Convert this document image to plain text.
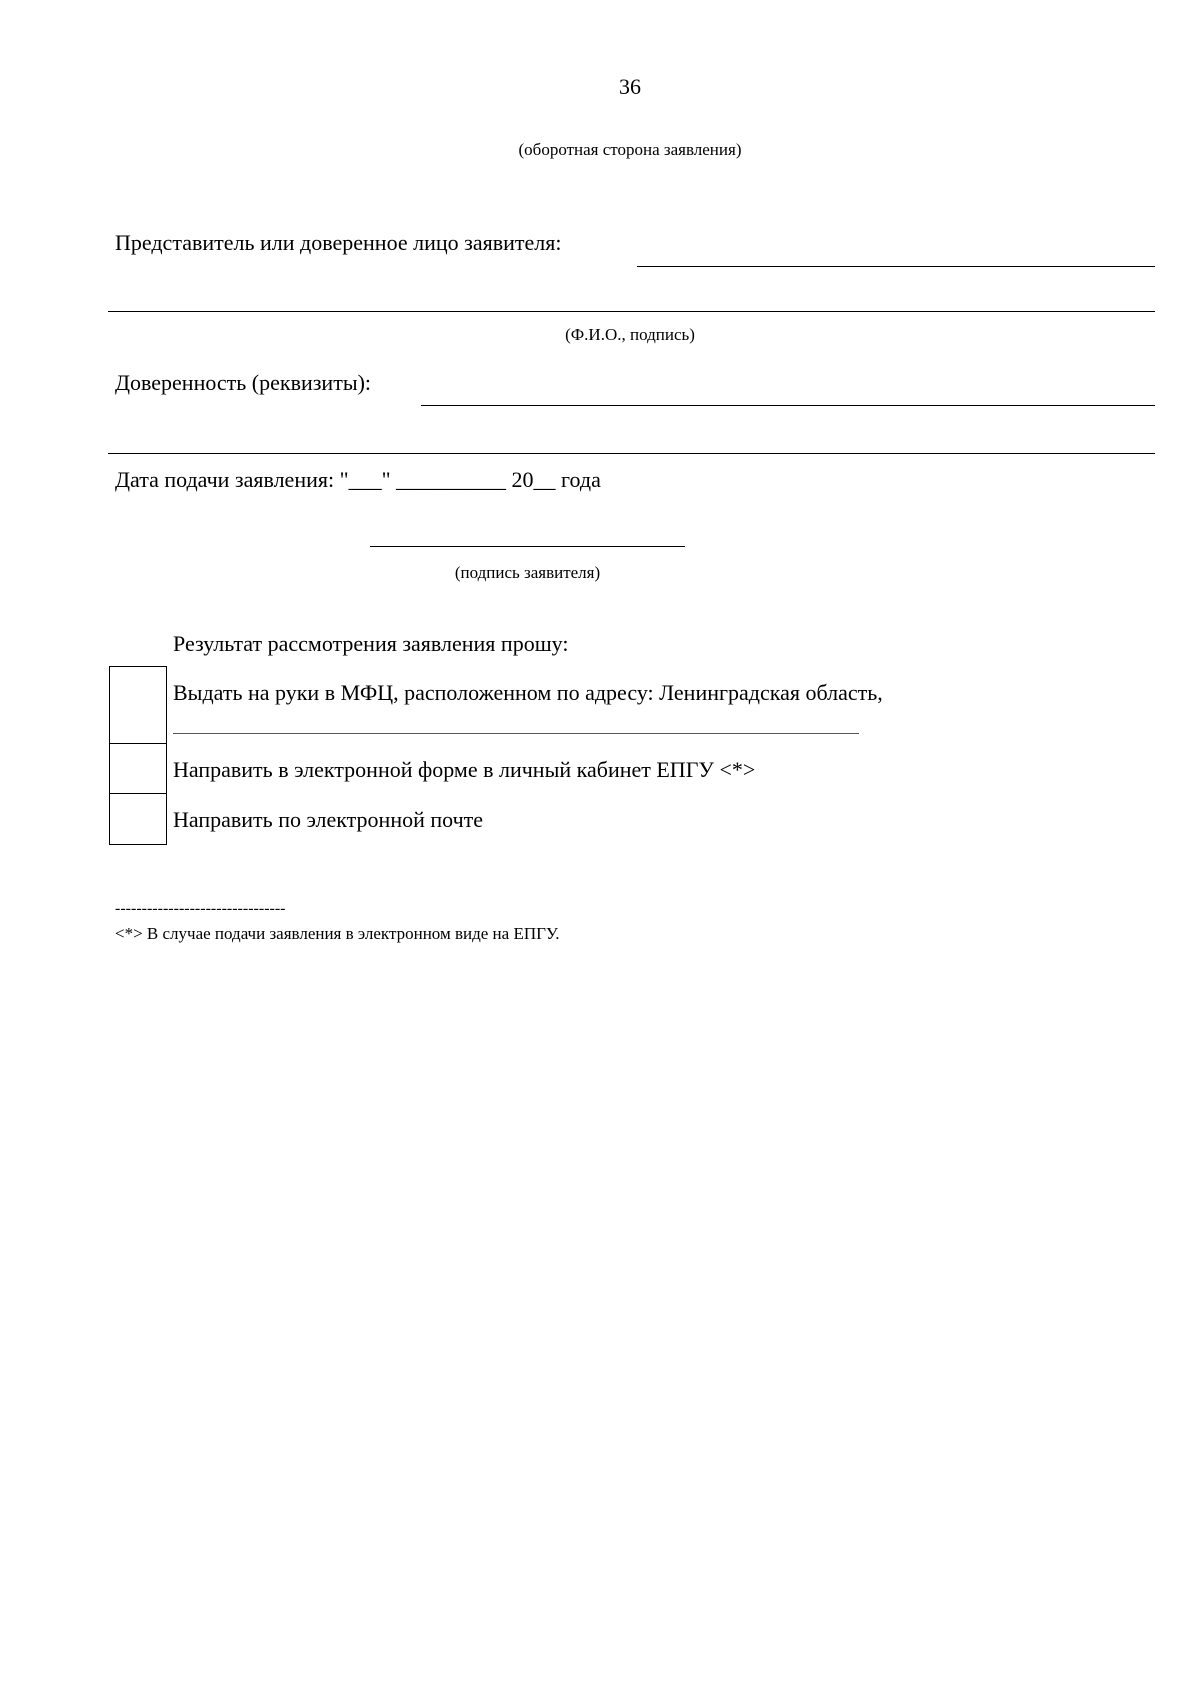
36
(оборотная сторона заявления)
Представитель или доверенное лицо заявителя:
(Ф.И.О., подпись)
Доверенность (реквизиты):
Дата подачи заявления: "___" __________ 20__ года
(подпись заявителя)
Результат рассмотрения заявления прошу:
Выдать на руки в МФЦ, расположенном по адресу: Ленинградская область,
Направить в электронной форме в личный кабинет ЕПГУ <*>
Направить по электронной почте
--------------------------------
<*> В случае подачи заявления в электронном виде на ЕПГУ.
